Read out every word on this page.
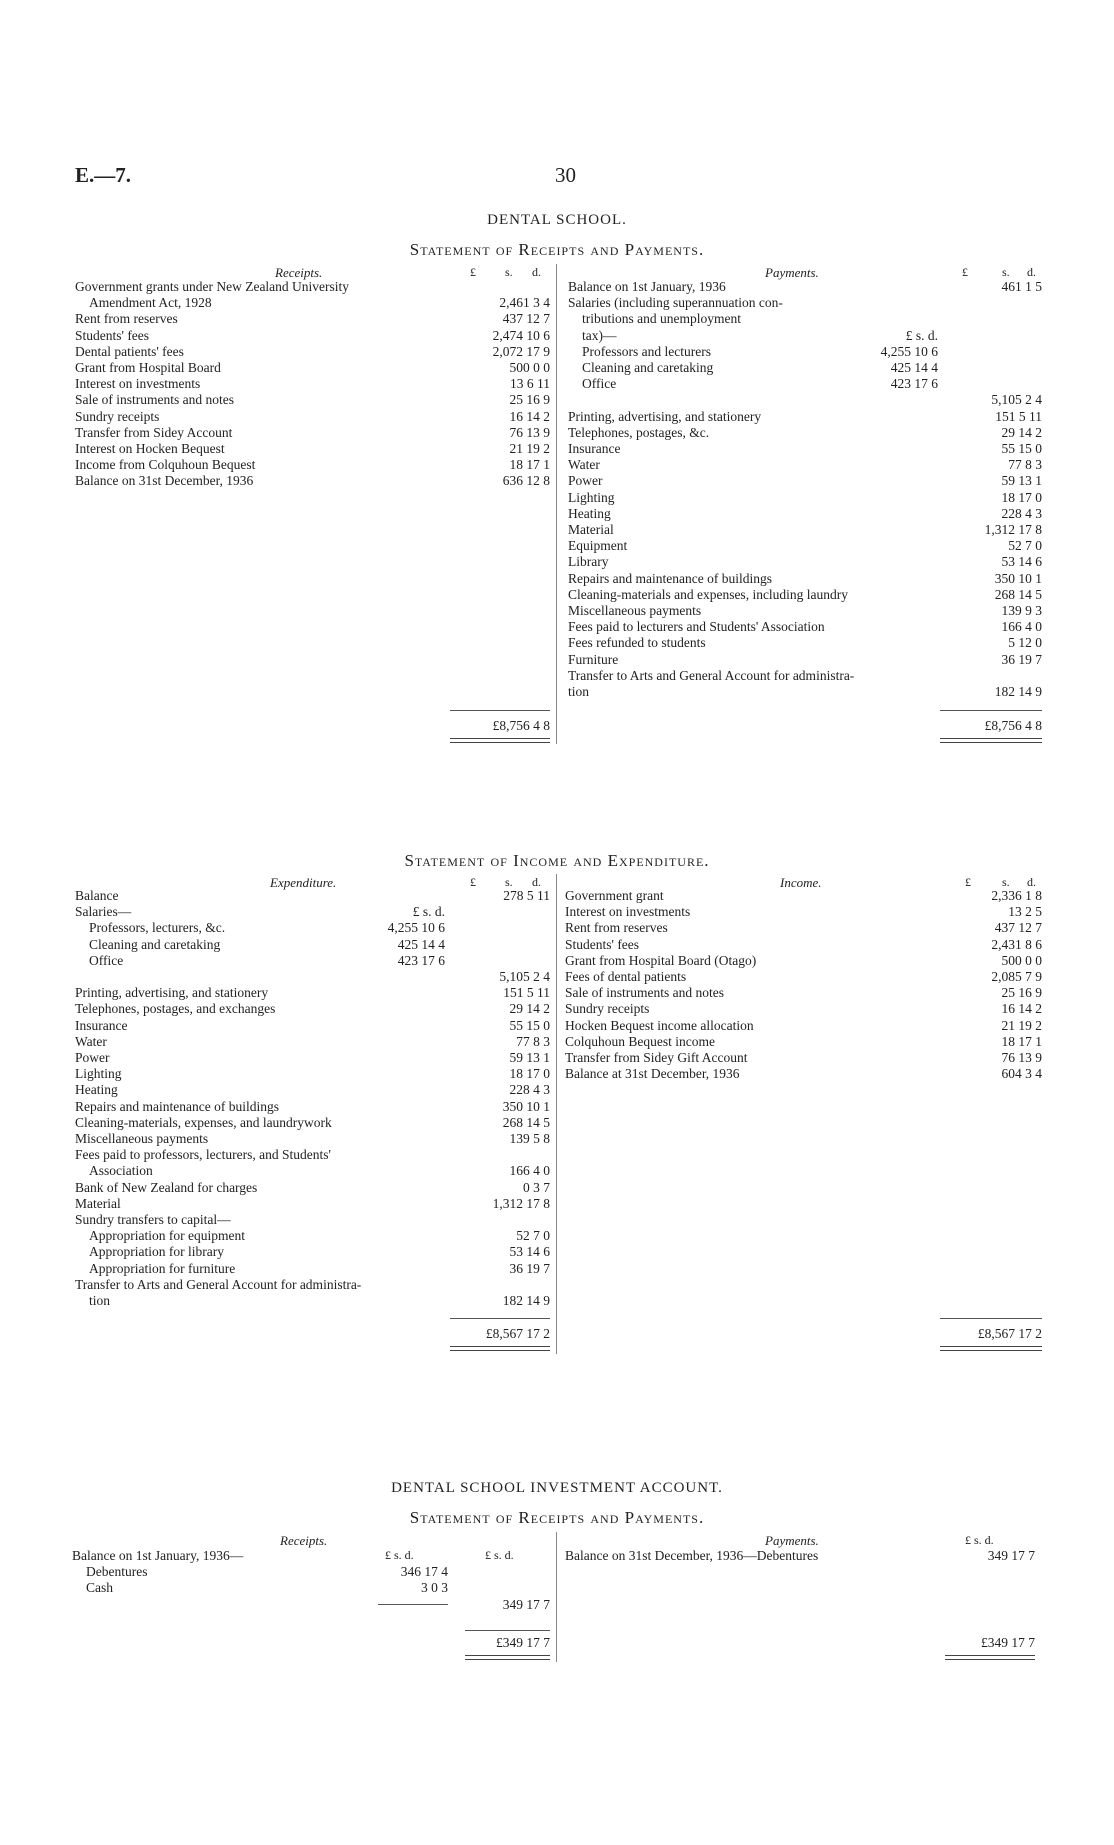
E.—7.	30
DENTAL SCHOOL.
Statement of Receipts and Payments.
Receipts.	Payments.
£ s. d.	£	s. d.
Government grants under New Zealand University
Amendment Act, 1928	2,461 3 4
Rent from reserves	437 12 7
Students' fees	2,474 10 6
Dental patients' fees	2,072 17 9
Grant from Hospital Board	500 0 0
Interest on investments	13 6 11
Sale of instruments and notes	25 16 9
Sundry receipts	16 14 2
Transfer from Sidey Account	76 13 9
Interest on Hocken Bequest	21 19 2
Income from Colquhoun Bequest	18 17 1
Balance on 31st December, 1936	636 12 8
Balance on 1st January, 1936	461 1 5
Salaries (including superannuation con-
tributions and unemployment
tax)—	£ s. d.
Professors and lecturers	4,255 10 6
Cleaning and caretaking	425 14 4
Office	423 17 6
5,105 2 4
Printing, advertising, and stationery	151 5 11
Telephones, postages, &c.	29 14 2
Insurance	55 15 0
Water	77 8 3
Power	59 13 1
Lighting	18 17 0
Heating	228 4 3
Material	1,312 17 8
Equipment	52 7 0
Library	53 14 6
Repairs and maintenance of buildings	350 10 1
Cleaning-materials and expenses, including laundry	268 14 5
Miscellaneous payments	139 9 3
Fees paid to lecturers and Students' Association	166 4 0
Fees refunded to students	5 12 0
Furniture	36 19 7
Transfer to Arts and General Account for administra-
tion	182 14 9
£8,756 4 8	£8,756 4 8
Statement of Income and Expenditure.
Expenditure.	Income.
£ s. d.	£	s. d.
Balance	278 5 11
Salaries—	£ s. d.
Professors, lecturers, &c.	4,255 10 6
Cleaning and caretaking	425 14 4
Office	423 17 6
5,105 2 4
Printing, advertising, and stationery	151 5 11
Telephones, postages, and exchanges	29 14 2
Insurance	55 15 0
Water	77 8 3
Power	59 13 1
Lighting	18 17 0
Heating	228 4 3
Repairs and maintenance of buildings	350 10 1
Cleaning-materials, expenses, and laundrywork	268 14 5
Miscellaneous payments	139 5 8
Fees paid to professors, lecturers, and Students'
Association	166 4 0
Bank of New Zealand for charges	0 3 7
Material	1,312 17 8
Sundry transfers to capital—
Appropriation for equipment	52 7 0
Appropriation for library	53 14 6
Appropriation for furniture	36 19 7
Transfer to Arts and General Account for administra-
tion	182 14 9
Government grant	2,336 1 8
Interest on investments	13 2 5
Rent from reserves	437 12 7
Students' fees	2,431 8 6
Grant from Hospital Board (Otago)	500 0 0
Fees of dental patients	2,085 7 9
Sale of instruments and notes	25 16 9
Sundry receipts	16 14 2
Hocken Bequest income allocation	21 19 2
Colquhoun Bequest income	18 17 1
Transfer from Sidey Gift Account	76 13 9
Balance at 31st December, 1936	604 3 4
£8,567 17 2	£8,567 17 2
DENTAL SCHOOL INVESTMENT ACCOUNT.
Statement of Receipts and Payments.
Receipts.	Payments.
£ s. d.	£ s. d.
£ s. d.
Balance on 1st January, 1936—
Debentures	346 17 4
Cash	3 0 3
349 17 7
Balance on 31st December, 1936—Debentures	349 17 7
£349 17 7	£349 17 7
